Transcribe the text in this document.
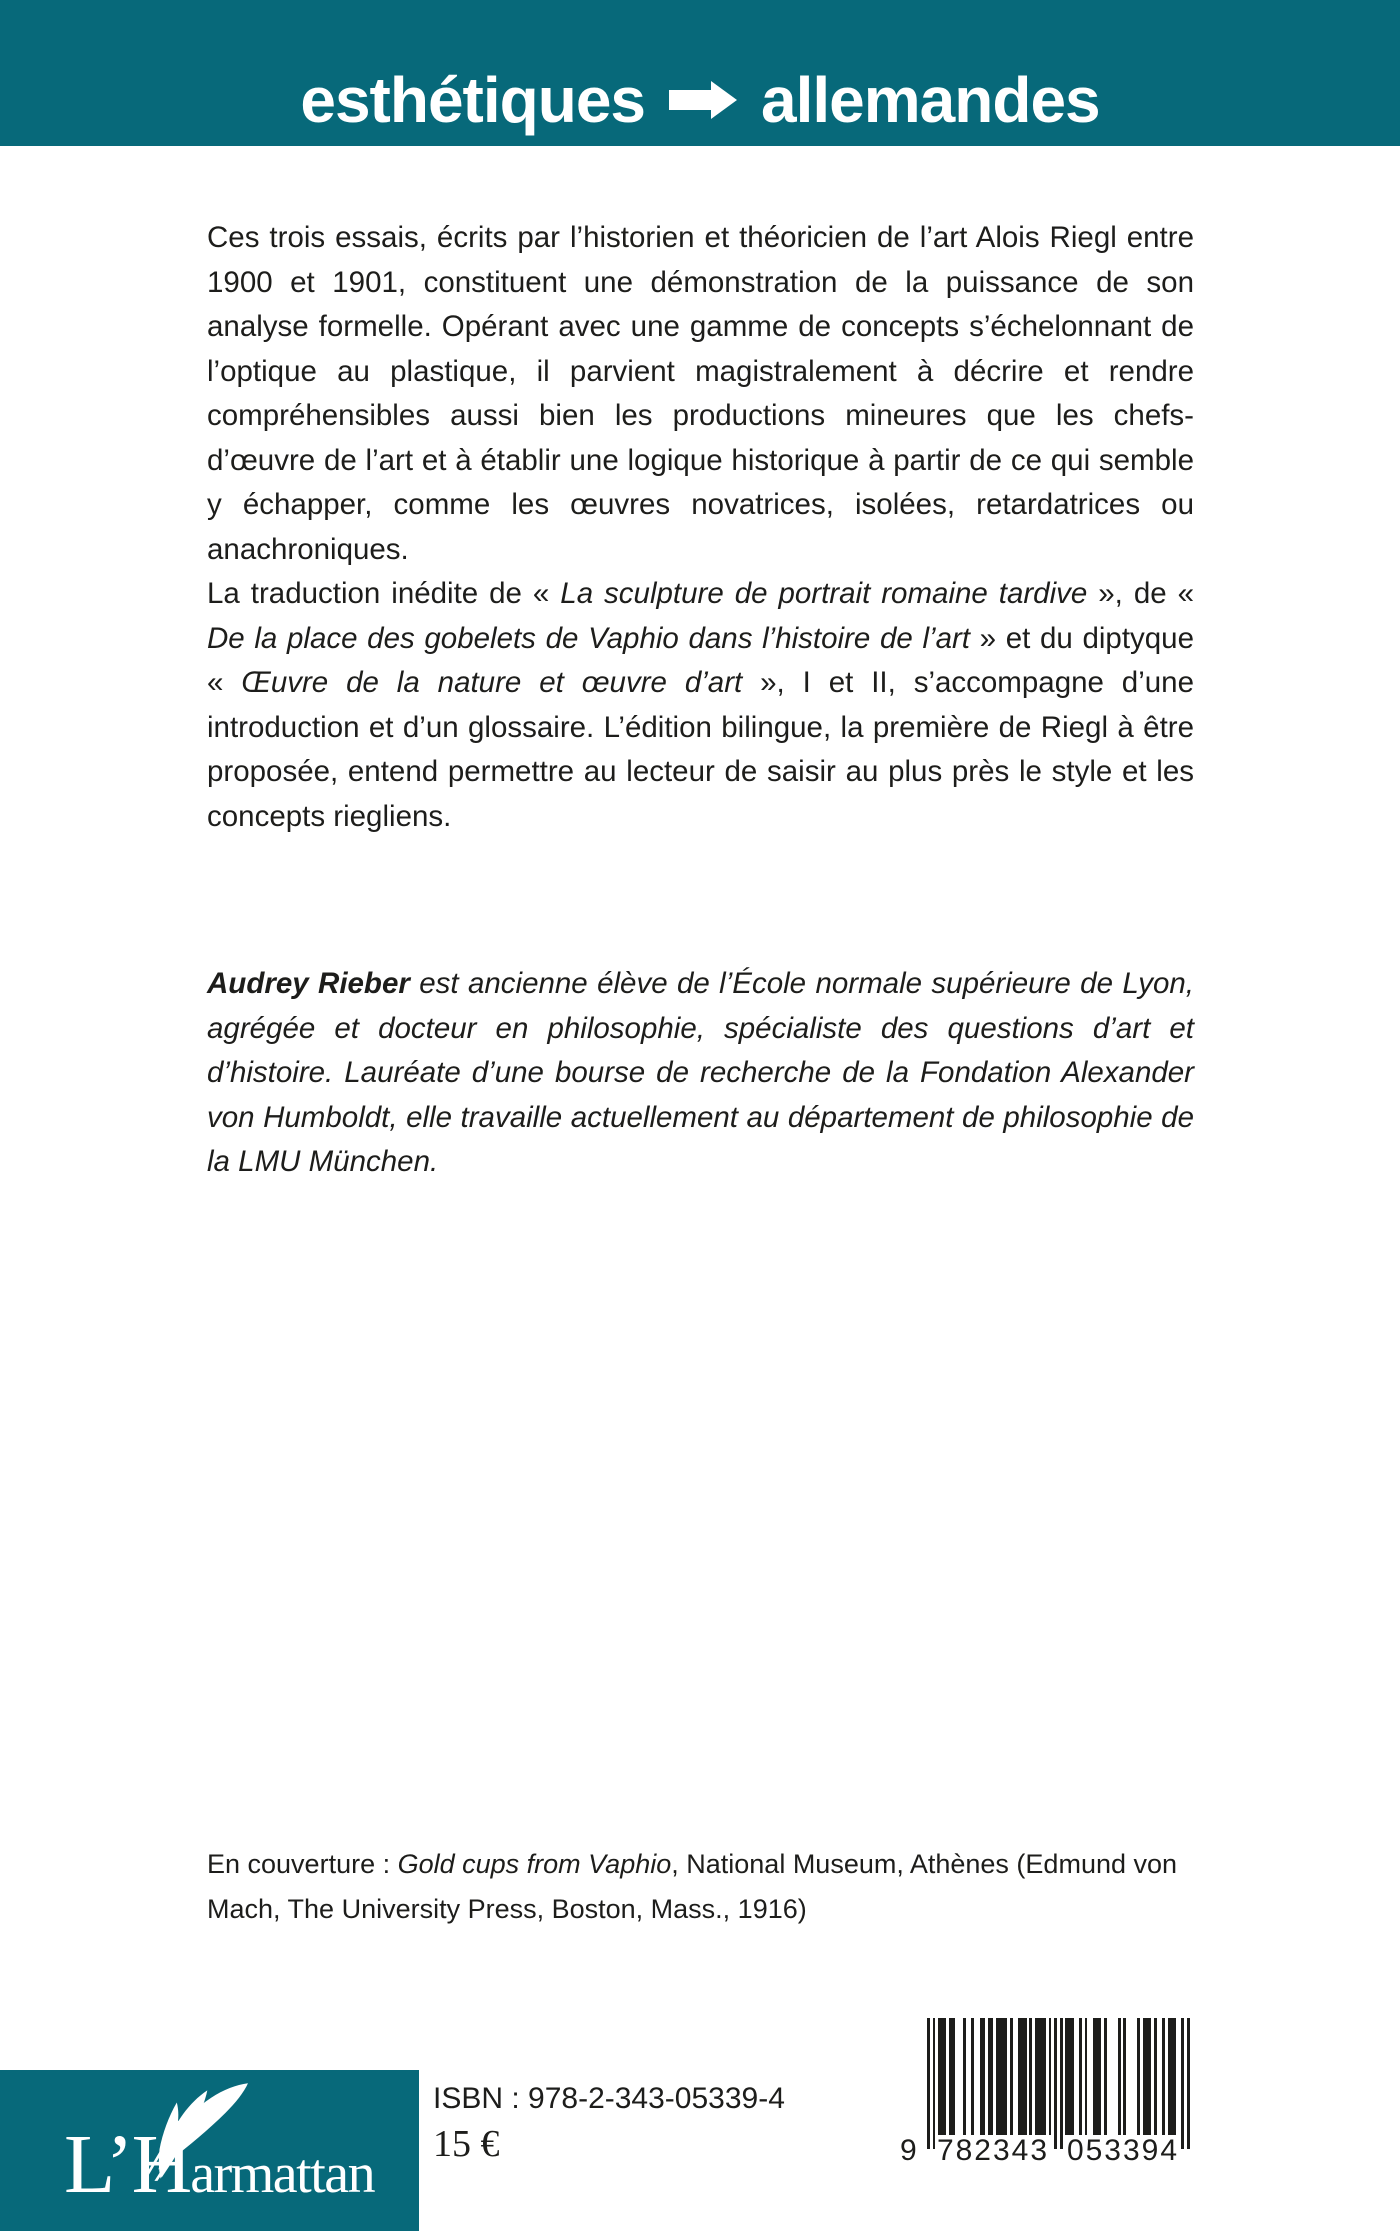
esthétiques allemandes

Ces trois essais, écrits par l’historien et théoricien de l’art Alois Riegl entre 1900 et 1901, constituent une démonstration de la puissance de son analyse formelle. Opérant avec une gamme de concepts s’échelonnant de l’optique au plastique, il parvient magistralement à décrire et rendre compréhensibles aussi bien les productions mineures que les chefs-d’œuvre de l’art et à établir une logique historique à partir de ce qui semble y échapper, comme les œuvres novatrices, isolées, retardatrices ou anachroniques.

La traduction inédite de « La sculpture de portrait romaine tardive », de « De la place des gobelets de Vaphio dans l’histoire de l’art » et du diptyque « Œuvre de la nature et œuvre d’art », I et II, s’accompagne d’une introduction et d’un glossaire. L’édition bilingue, la première de Riegl à être proposée, entend permettre au lecteur de saisir au plus près le style et les concepts riegliens.

Audrey Rieber est ancienne élève de l’École normale supérieure de Lyon, agrégée et docteur en philosophie, spécialiste des questions d’art et d’histoire. Lauréate d’une bourse de recherche de la Fondation Alexander von Humboldt, elle travaille actuellement au département de philosophie de la LMU München.
En couverture : Gold cups from Vaphio, National Museum, Athènes (Edmund von Mach, The University Press, Boston, Mass., 1916)
L’H armattan
ISBN : 978-2-343-05339-4
15 €	9 782343 053394
